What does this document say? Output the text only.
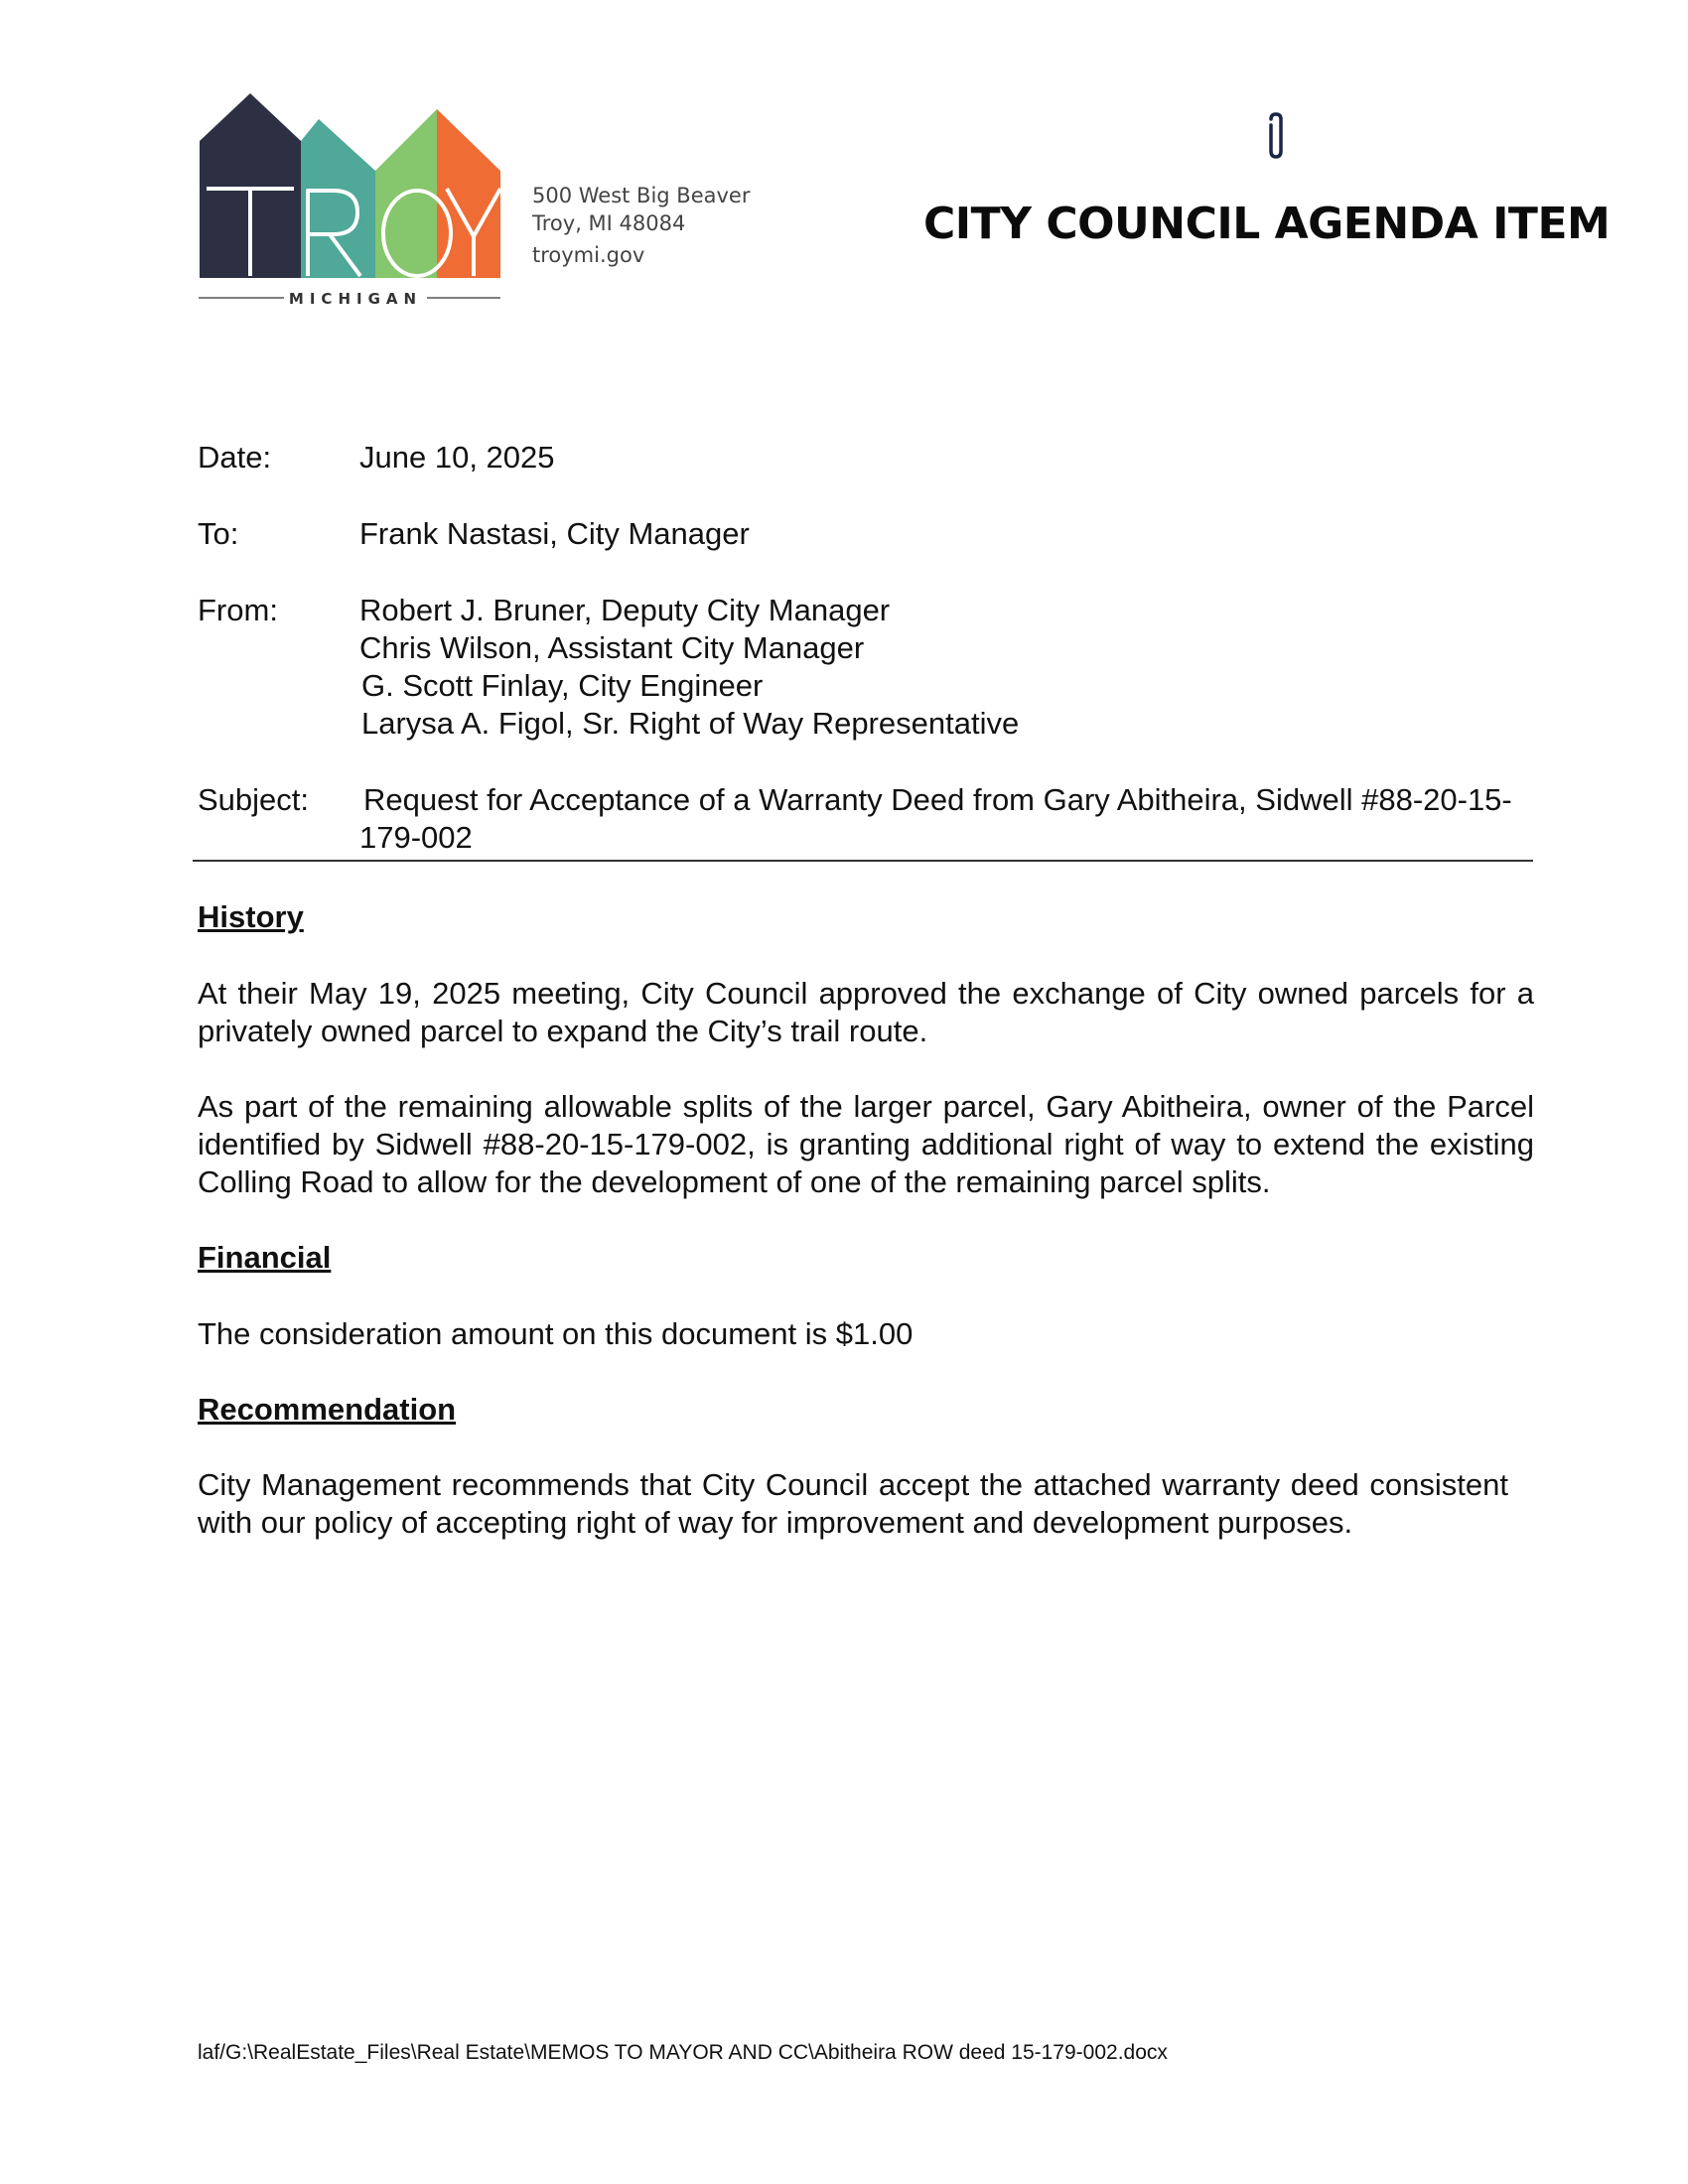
MICHIGAN
500 West Big Beaver
Troy, MI 48084
troymi.gov
CITY COUNCIL AGENDA ITEM
Date:	June 10, 2025
To:	Frank Nastasi, City Manager
From:	Robert J. Bruner, Deputy City Manager
Chris Wilson, Assistant City Manager
G. Scott Finlay, City Engineer
Larysa A. Figol, Sr. Right of Way Representative
Subject: Request for Acceptance of a Warranty Deed from Gary Abitheira, Sidwell #88-20-15-
179-002
History
At their May 19, 2025 meeting, City Council approved the exchange of City owned parcels for a privately owned parcel to expand the City’s trail route.
As part of the remaining allowable splits of the larger parcel, Gary Abitheira, owner of the Parcel identified by Sidwell #88-20-15-179-002, is granting additional right of way to extend the existing Colling Road to allow for the development of one of the remaining parcel splits.
Financial
The consideration amount on this document is $1.00
Recommendation
City Management recommends that City Council accept the attached warranty deed consistent with our policy of accepting right of way for improvement and development purposes.
laf/G:\RealEstate_Files\Real Estate\MEMOS TO MAYOR AND CC\Abitheira ROW deed 15-179-002.docx
